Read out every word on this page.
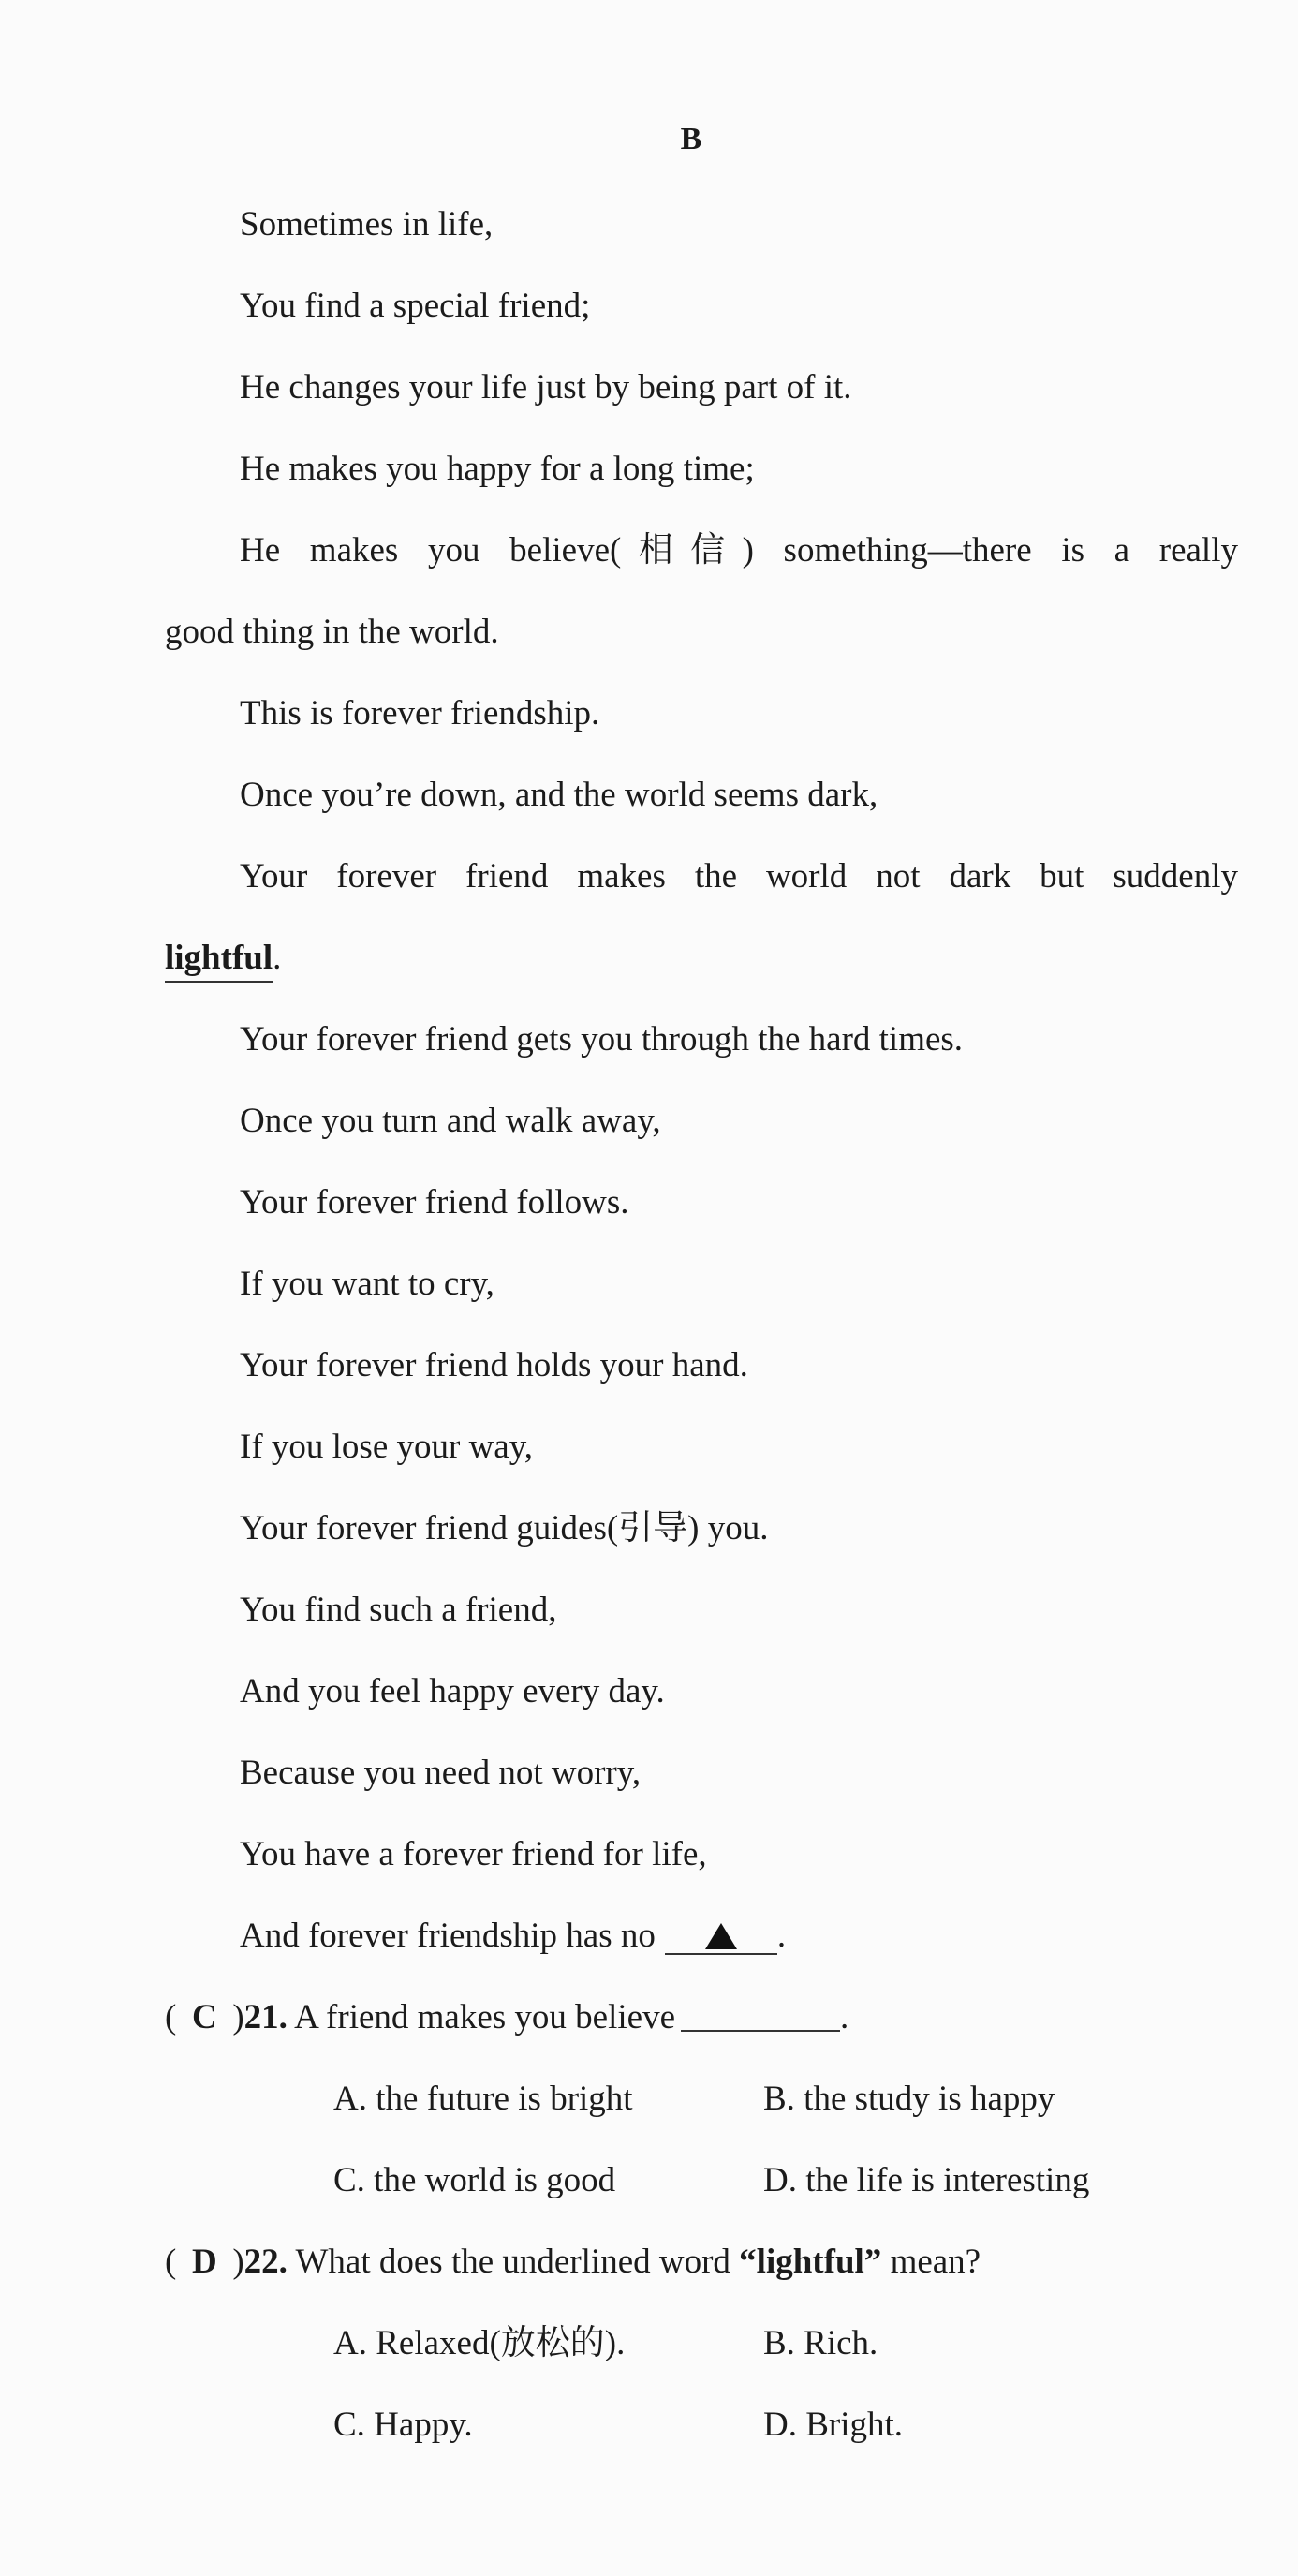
B
Sometimes in life,
You find a special friend;
He changes your life just by being part of it.
He makes you happy for a long time;
He makes you believe(相信) something—there is a really
good thing in the world.
This is forever friendship.
Once you’re down, and the world seems dark,
Your forever friend makes the world not dark but suddenly
lightful.
Your forever friend gets you through the hard times.
Once you turn and walk away,
Your forever friend follows.
If you want to cry,
Your forever friend holds your hand.
If you lose your way,
Your forever friend guides(引导) you.
You find such a friend,
And you feel happy every day.
Because you need not worry,
You have a forever friend for life,
And forever friendship has no	.
( C )21. A friend makes you believe	.
A. the future is bright	B. the study is happy
C. the world is good	D. the life is interesting
( D )22. What does the underlined word “lightful” mean?
A. Relaxed(放松的).	B. Rich.
C. Happy.	D. Bright.
